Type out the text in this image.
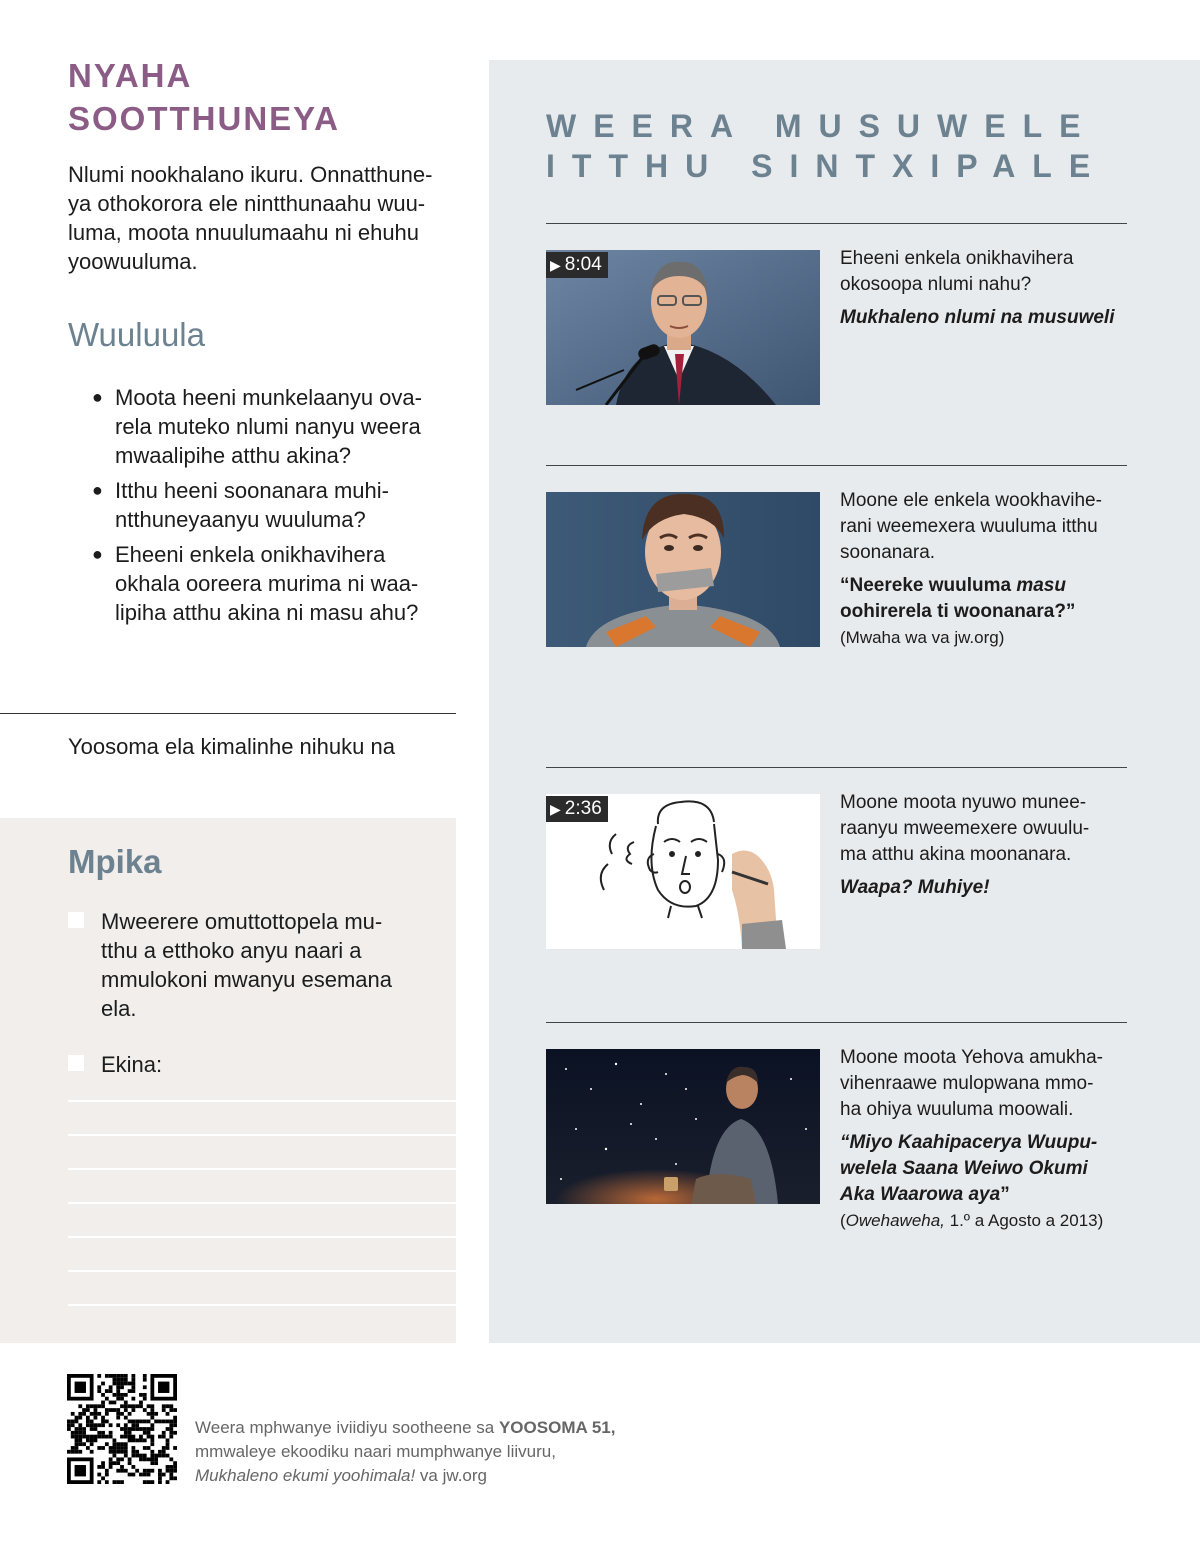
NYAHA
SOOTTHUNEYA

Nlumi nookhalano ikuru. Onnatthune-
ya othokorora ele nintthunaahu wuu-
luma, moota nnuulumaahu ni ehuhu
yoowuuluma.

Wuuluula
● Moota heeni munkelaanyu ova-
rela muteko nlumi nanyu weera
mwaalipihe atthu akina?
● Itthu heeni soonanara muhi-
ntthuneyaanyu wuuluma?
● Eheeni enkela onikhavihera
okhala ooreera murima ni waa-
lipiha atthu akina ni masu ahu?

Yoosoma ela kimalinhe nihuku na

Mpika
Mweerere omuttottopela mu-
tthu a etthoko anyu naari a
mmulokoni mwanyu esemana
ela.
Ekina:
WEERA MUSUWELE
ITTHU SINTXIPALE
▶ 8:04	Eheeni enkela onikhavihera
okosoopa nlumi nahu?
Mukhaleno nlumi na musuweli
Moone ele enkela wookhavihe-
rani weemexera wuuluma itthu
soonanara.
“Neereke wuuluma masu
oohirerela ti woonanara?”
(Mwaha wa va jw.org)
▶ 2:36	Moone moota nyuwo munee-
raanyu mweemexere owuulu-
ma atthu akina moonanara.
Waapa? Muhiye!
Moone moota Yehova amukha-
vihenraawe mulopwana mmo-
ha ohiya wuuluma moowali.
“Miyo Kaahipacerya Wuupu-
welela Saana Weiwo Okumi
Aka Waarowa aya”
(Owehaweha, 1.º a Agosto a 2013)
Weera mphwanye iviidiyu sootheene sa YOOSOMA 51,
mmwaleye ekoodiku naari mumphwanye liivuru,
Mukhaleno ekumi yoohimala! va jw.org
